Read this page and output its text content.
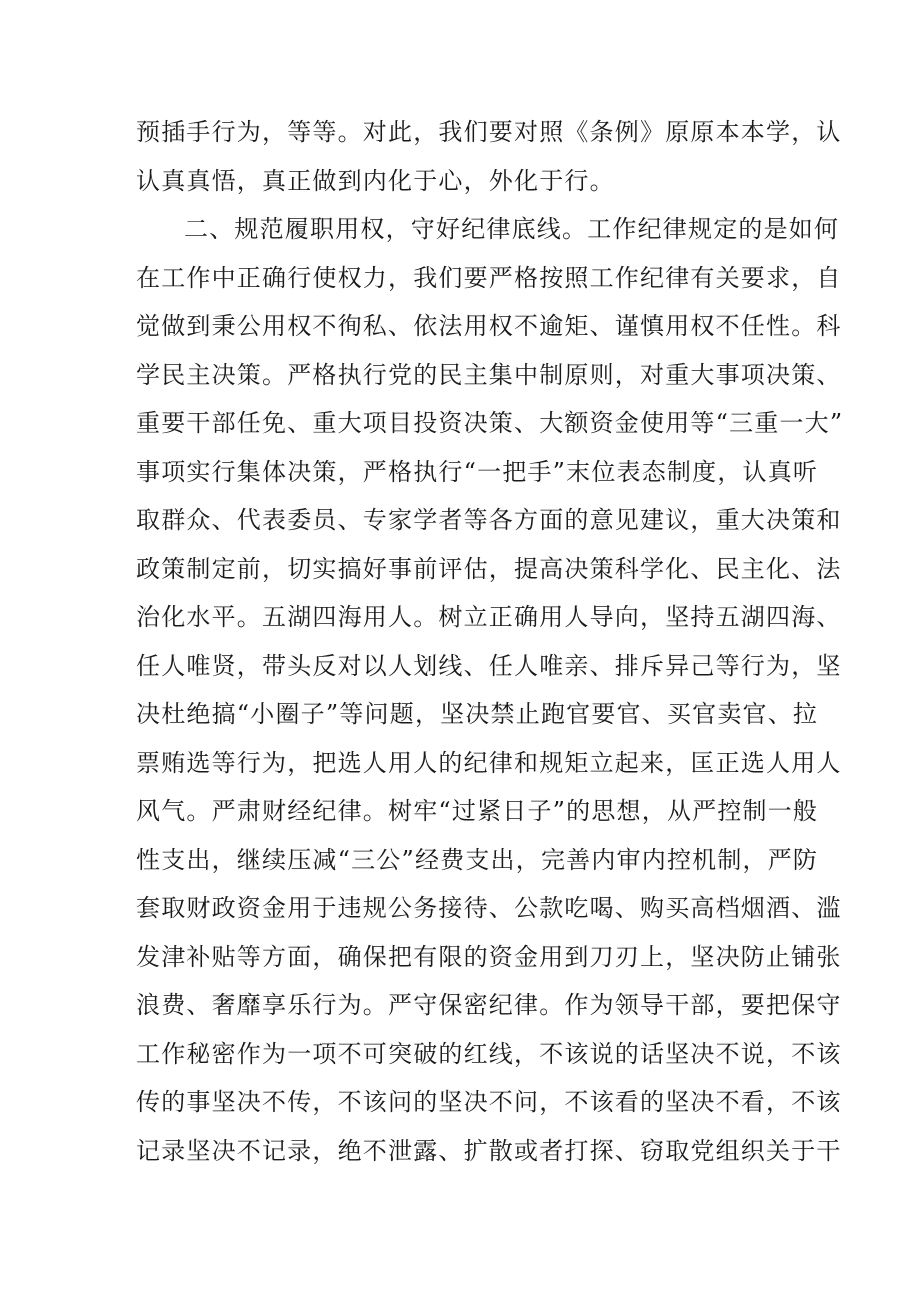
预插手行为，等等。对此，我们要对照《条例》原原本本学，认
认真真悟，真正做到内化于心，外化于行。
二、规范履职用权，守好纪律底线。工作纪律规定的是如何
在工作中正确行使权力，我们要严格按照工作纪律有关要求，自
觉做到秉公用权不徇私、依法用权不逾矩、谨慎用权不任性。科
学民主决策。严格执行党的民主集中制原则，对重大事项决策、
重要干部任免、重大项目投资决策、大额资金使用等“三重一大”
事项实行集体决策，严格执行“一把手”末位表态制度，认真听
取群众、代表委员、专家学者等各方面的意见建议，重大决策和
政策制定前，切实搞好事前评估，提高决策科学化、民主化、法
治化水平。五湖四海用人。树立正确用人导向，坚持五湖四海、
任人唯贤，带头反对以人划线、任人唯亲、排斥异己等行为，坚
决杜绝搞“小圈子”等问题，坚决禁止跑官要官、买官卖官、拉
票贿选等行为，把选人用人的纪律和规矩立起来，匡正选人用人
风气。严肃财经纪律。树牢“过紧日子”的思想，从严控制一般
性支出，继续压减“三公”经费支出，完善内审内控机制，严防
套取财政资金用于违规公务接待、公款吃喝、购买高档烟酒、滥
发津补贴等方面，确保把有限的资金用到刀刃上，坚决防止铺张
浪费、奢靡享乐行为。严守保密纪律。作为领导干部，要把保守
工作秘密作为一项不可突破的红线，不该说的话坚决不说，不该
传的事坚决不传，不该问的坚决不问，不该看的坚决不看，不该
记录坚决不记录，绝不泄露、扩散或者打探、窃取党组织关于干
